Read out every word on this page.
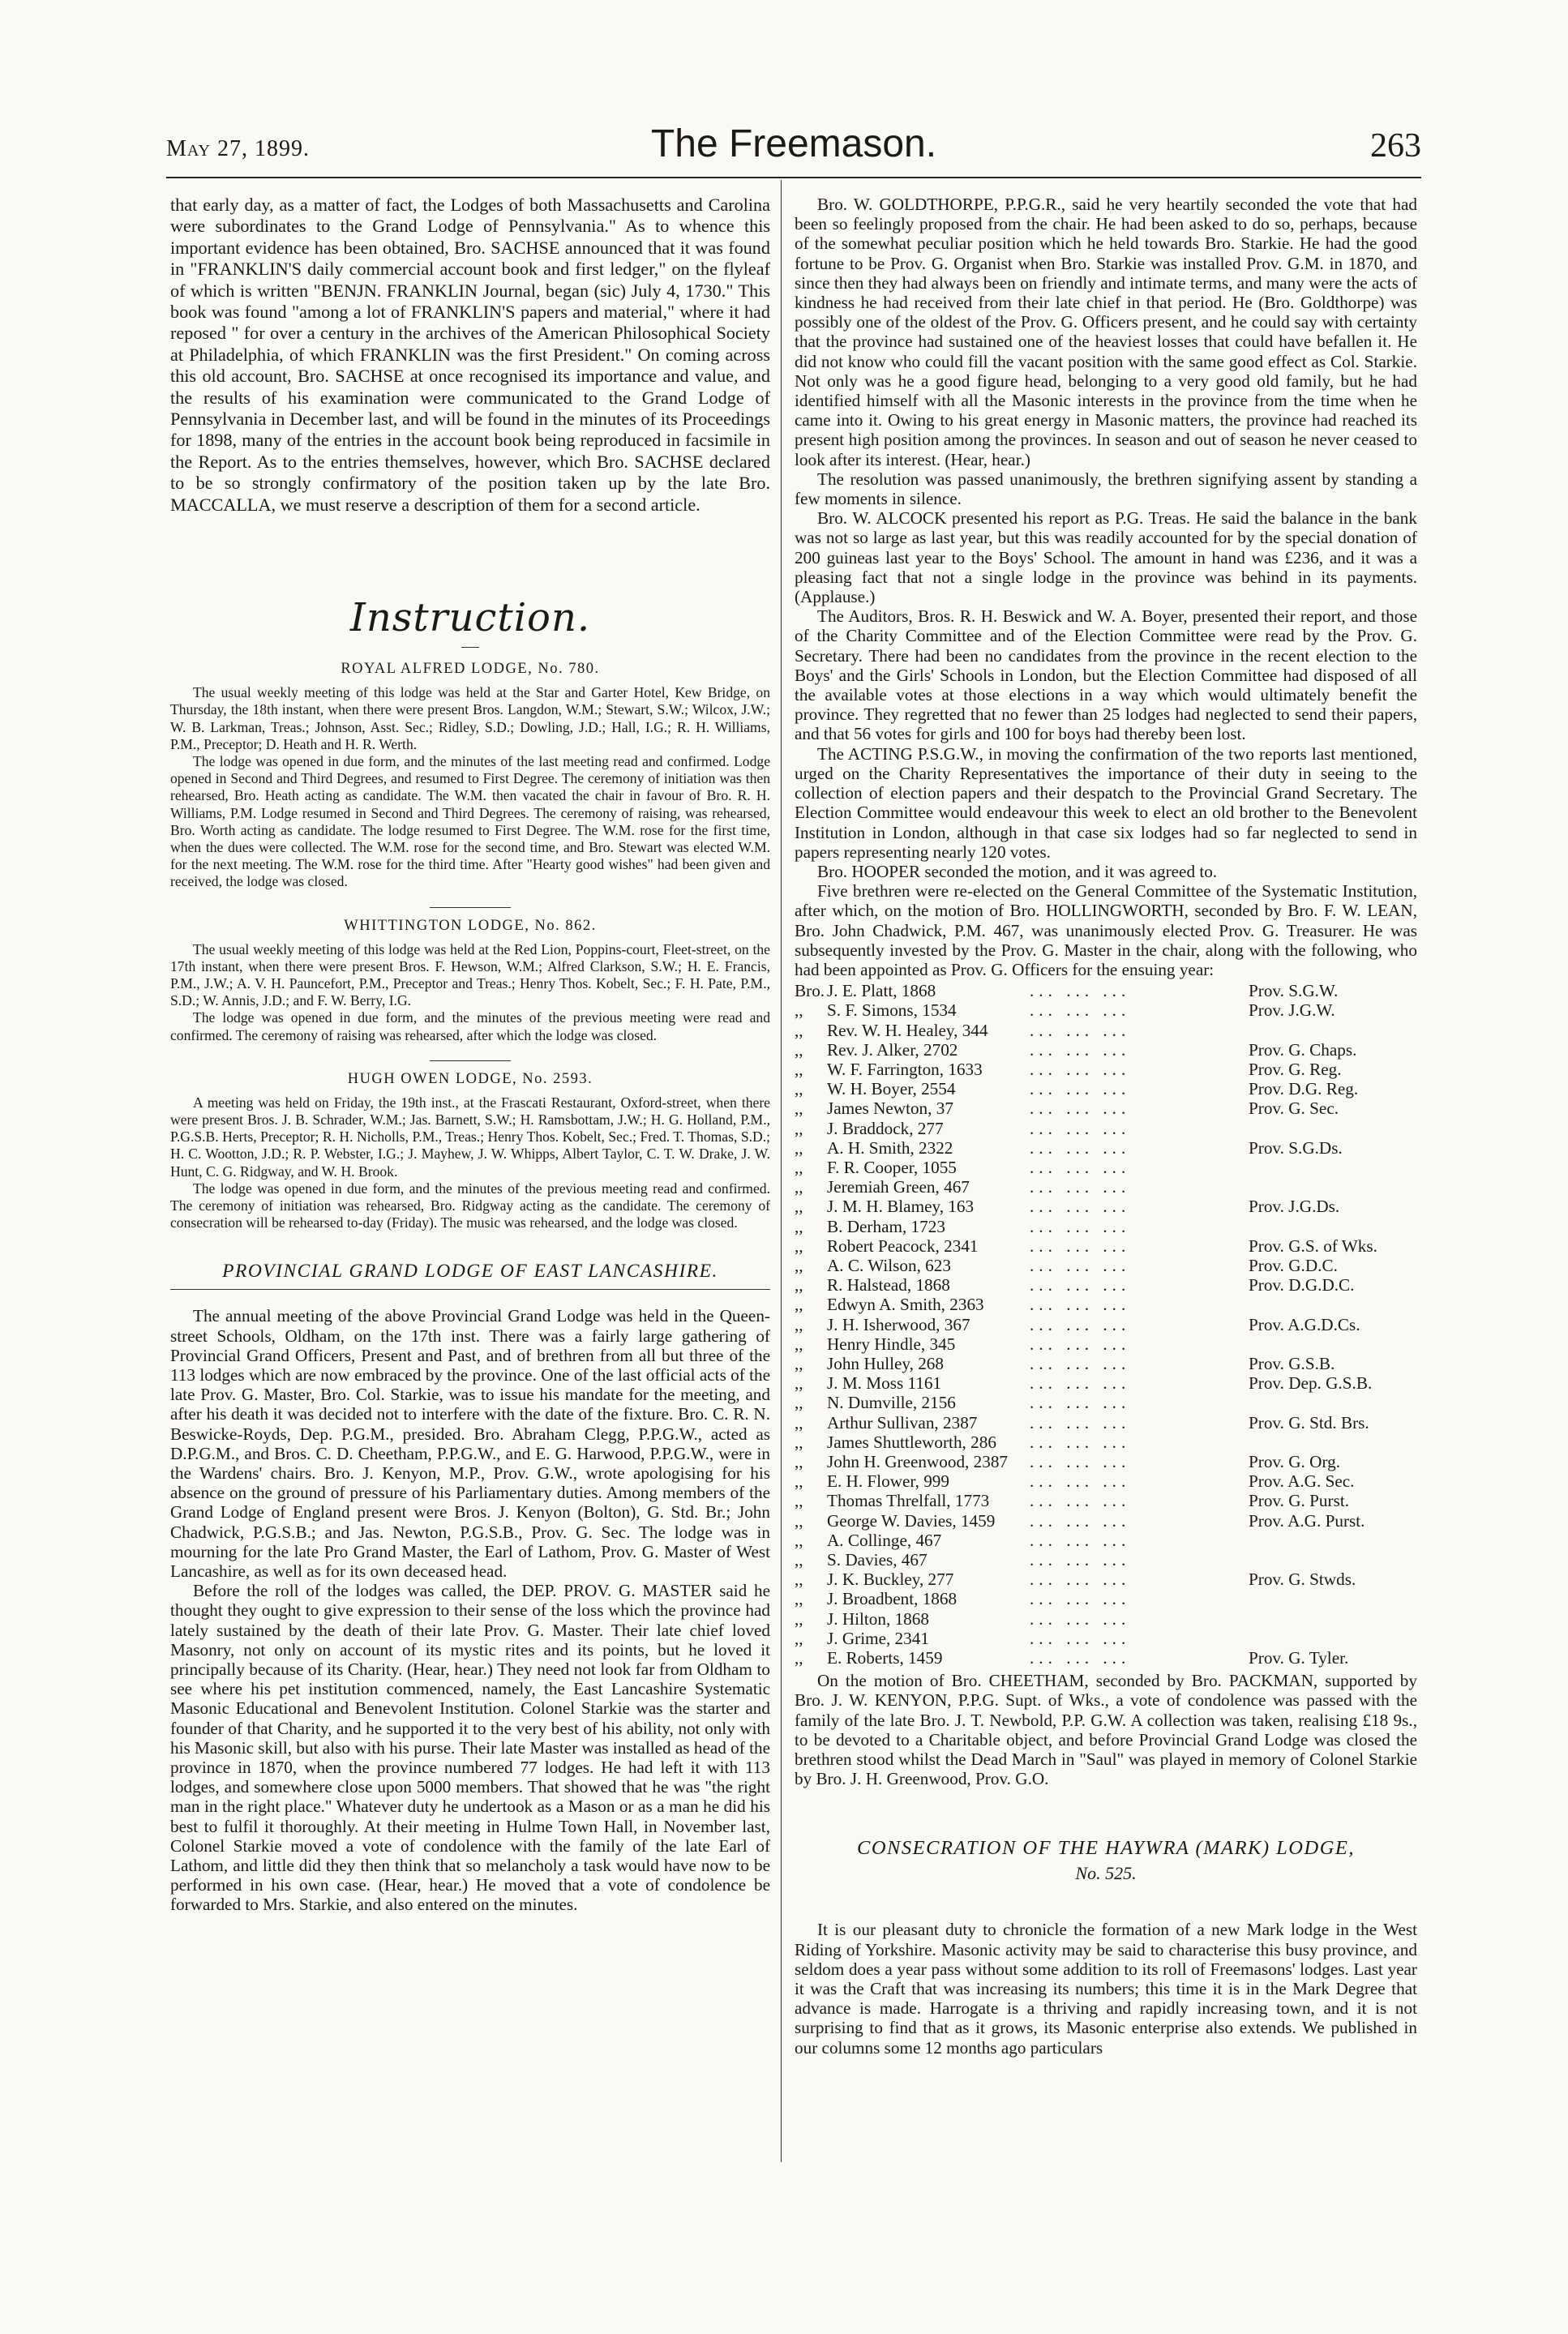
May 27, 1899.	The Freemason.	263

that early day, as a matter of fact, the Lodges of both Massachusetts and Carolina were subordinates to the Grand Lodge of Pennsylvania." As to whence this important evidence has been obtained, Bro. SACHSE announced that it was found in "FRANKLIN'S daily commercial account book and first ledger," on the flyleaf of which is written "BENJN. FRANKLIN Journal, began (sic) July 4, 1730." This book was found "among a lot of FRANKLIN'S papers and material," where it had reposed " for over a century in the archives of the American Philosophical Society at Philadelphia, of which FRANKLIN was the first President." On coming across this old account, Bro. SACHSE at once recognised its importance and value, and the results of his examination were communicated to the Grand Lodge of Pennsylvania in December last, and will be found in the minutes of its Proceedings for 1898, many of the entries in the account book being reproduced in facsimile in the Report. As to the entries themselves, however, which Bro. SACHSE declared to be so strongly confirmatory of the position taken up by the late Bro. MACCALLA, we must reserve a description of them for a second article.

Instruction.
ROYAL ALFRED LODGE, No. 780.

The usual weekly meeting of this lodge was held at the Star and Garter Hotel, Kew Bridge, on Thursday, the 18th instant, when there were present Bros. Langdon, W.M.; Stewart, S.W.; Wilcox, J.W.; W. B. Larkman, Treas.; Johnson, Asst. Sec.; Ridley, S.D.; Dowling, J.D.; Hall, I.G.; R. H. Williams, P.M., Preceptor; D. Heath and H. R. Werth.

The lodge was opened in due form, and the minutes of the last meeting read and confirmed. Lodge opened in Second and Third Degrees, and resumed to First Degree. The ceremony of initiation was then rehearsed, Bro. Heath acting as candidate. The W.M. then vacated the chair in favour of Bro. R. H. Williams, P.M. Lodge resumed in Second and Third Degrees. The ceremony of raising, was rehearsed, Bro. Worth acting as candidate. The lodge resumed to First Degree. The W.M. rose for the first time, when the dues were collected. The W.M. rose for the second time, and Bro. Stewart was elected W.M. for the next meeting. The W.M. rose for the third time. After "Hearty good wishes" had been given and received, the lodge was closed.

WHITTINGTON LODGE, No. 862.

The usual weekly meeting of this lodge was held at the Red Lion, Poppins-court, Fleet-street, on the 17th instant, when there were present Bros. F. Hewson, W.M.; Alfred Clarkson, S.W.; H. E. Francis, P.M., J.W.; A. V. H. Pauncefort, P.M., Preceptor and Treas.; Henry Thos. Kobelt, Sec.; F. H. Pate, P.M., S.D.; W. Annis, J.D.; and F. W. Berry, I.G.

The lodge was opened in due form, and the minutes of the previous meeting were read and confirmed. The ceremony of raising was rehearsed, after which the lodge was closed.

HUGH OWEN LODGE, No. 2593.

A meeting was held on Friday, the 19th inst., at the Frascati Restaurant, Oxford-street, when there were present Bros. J. B. Schrader, W.M.; Jas. Barnett, S.W.; H. Ramsbottam, J.W.; H. G. Holland, P.M., P.G.S.B. Herts, Preceptor; R. H. Nicholls, P.M., Treas.; Henry Thos. Kobelt, Sec.; Fred. T. Thomas, S.D.; H. C. Wootton, J.D.; R. P. Webster, I.G.; J. Mayhew, J. W. Whipps, Albert Taylor, C. T. W. Drake, J. W. Hunt, C. G. Ridgway, and W. H. Brook.

The lodge was opened in due form, and the minutes of the previous meeting read and confirmed. The ceremony of initiation was rehearsed, Bro. Ridgway acting as the candidate. The ceremony of consecration will be rehearsed to-day (Friday). The music was rehearsed, and the lodge was closed.

PROVINCIAL GRAND LODGE OF EAST LANCASHIRE.

The annual meeting of the above Provincial Grand Lodge was held in the Queen-street Schools, Oldham, on the 17th inst. There was a fairly large gathering of Provincial Grand Officers, Present and Past, and of brethren from all but three of the 113 lodges which are now embraced by the province. One of the last official acts of the late Prov. G. Master, Bro. Col. Starkie, was to issue his mandate for the meeting, and after his death it was decided not to interfere with the date of the fixture. Bro. C. R. N. Beswicke-Royds, Dep. P.G.M., presided. Bro. Abraham Clegg, P.P.G.W., acted as D.P.G.M., and Bros. C. D. Cheetham, P.P.G.W., and E. G. Harwood, P.P.G.W., were in the Wardens' chairs. Bro. J. Kenyon, M.P., Prov. G.W., wrote apologising for his absence on the ground of pressure of his Parliamentary duties. Among members of the Grand Lodge of England present were Bros. J. Kenyon (Bolton), G. Std. Br.; John Chadwick, P.G.S.B.; and Jas. Newton, P.G.S.B., Prov. G. Sec. The lodge was in mourning for the late Pro Grand Master, the Earl of Lathom, Prov. G. Master of West Lancashire, as well as for its own deceased head.

Before the roll of the lodges was called, the DEP. PROV. G. MASTER said he thought they ought to give expression to their sense of the loss which the province had lately sustained by the death of their late Prov. G. Master. Their late chief loved Masonry, not only on account of its mystic rites and its points, but he loved it principally because of its Charity. (Hear, hear.) They need not look far from Oldham to see where his pet institution commenced, namely, the East Lancashire Systematic Masonic Educational and Benevolent Institution. Colonel Starkie was the starter and founder of that Charity, and he supported it to the very best of his ability, not only with his Masonic skill, but also with his purse. Their late Master was installed as head of the province in 1870, when the province numbered 77 lodges. He had left it with 113 lodges, and somewhere close upon 5000 members. That showed that he was "the right man in the right place." Whatever duty he undertook as a Mason or as a man he did his best to fulfil it thoroughly. At their meeting in Hulme Town Hall, in November last, Colonel Starkie moved a vote of condolence with the family of the late Earl of Lathom, and little did they then think that so melancholy a task would have now to be performed in his own case. (Hear, hear.) He moved that a vote of condolence be forwarded to Mrs. Starkie, and also entered on the minutes.

Bro. W. GOLDTHORPE, P.P.G.R., said he very heartily seconded the vote that had been so feelingly proposed from the chair. He had been asked to do so, perhaps, because of the somewhat peculiar position which he held towards Bro. Starkie. He had the good fortune to be Prov. G. Organist when Bro. Starkie was installed Prov. G.M. in 1870, and since then they had always been on friendly and intimate terms, and many were the acts of kindness he had received from their late chief in that period. He (Bro. Goldthorpe) was possibly one of the oldest of the Prov. G. Officers present, and he could say with certainty that the province had sustained one of the heaviest losses that could have befallen it. He did not know who could fill the vacant position with the same good effect as Col. Starkie. Not only was he a good figure head, belonging to a very good old family, but he had identified himself with all the Masonic interests in the province from the time when he came into it. Owing to his great energy in Masonic matters, the province had reached its present high position among the provinces. In season and out of season he never ceased to look after its interest. (Hear, hear.)

The resolution was passed unanimously, the brethren signifying assent by standing a few moments in silence.

Bro. W. ALCOCK presented his report as P.G. Treas. He said the balance in the bank was not so large as last year, but this was readily accounted for by the special donation of 200 guineas last year to the Boys' School. The amount in hand was £236, and it was a pleasing fact that not a single lodge in the province was behind in its payments. (Applause.)

The Auditors, Bros. R. H. Beswick and W. A. Boyer, presented their report, and those of the Charity Committee and of the Election Committee were read by the Prov. G. Secretary. There had been no candidates from the province in the recent election to the Boys' and the Girls' Schools in London, but the Election Committee had disposed of all the available votes at those elections in a way which would ultimately benefit the province. They regretted that no fewer than 25 lodges had neglected to send their papers, and that 56 votes for girls and 100 for boys had thereby been lost.

The ACTING P.S.G.W., in moving the confirmation of the two reports last mentioned, urged on the Charity Representatives the importance of their duty in seeing to the collection of election papers and their despatch to the Provincial Grand Secretary. The Election Committee would endeavour this week to elect an old brother to the Benevolent Institution in London, although in that case six lodges had so far neglected to send in papers representing nearly 120 votes.

Bro. HOOPER seconded the motion, and it was agreed to.

Five brethren were re-elected on the General Committee of the Systematic Institution, after which, on the motion of Bro. HOLLINGWORTH, seconded by Bro. F. W. LEAN, Bro. John Chadwick, P.M. 467, was unanimously elected Prov. G. Treasurer. He was subsequently invested by the Prov. G. Master in the chair, along with the following, who had been appointed as Prov. G. Officers for the ensuing year:

Bro.	J. E. Platt, 1868	... ... ...	Prov. S.G.W.
,,	S. F. Simons, 1534	... ... ...	Prov. J.G.W.
,,	Rev. W. H. Healey, 344	... ... ...	
,,	Rev. J. Alker, 2702	... ... ...	Prov. G. Chaps.
,,	W. F. Farrington, 1633	... ... ...	Prov. G. Reg.
,,	W. H. Boyer, 2554	... ... ...	Prov. D.G. Reg.
,,	James Newton, 37	... ... ...	Prov. G. Sec.
,,	J. Braddock, 277	... ... ...	
,,	A. H. Smith, 2322	... ... ...	Prov. S.G.Ds.
,,	F. R. Cooper, 1055	... ... ...	
,,	Jeremiah Green, 467	... ... ...	
,,	J. M. H. Blamey, 163	... ... ...	Prov. J.G.Ds.
,,	B. Derham, 1723	... ... ...	
,,	Robert Peacock, 2341	... ... ...	Prov. G.S. of Wks.
,,	A. C. Wilson, 623	... ... ...	Prov. G.D.C.
,,	R. Halstead, 1868	... ... ...	Prov. D.G.D.C.
,,	Edwyn A. Smith, 2363	... ... ...	
,,	J. H. Isherwood, 367	... ... ...	Prov. A.G.D.Cs.
,,	Henry Hindle, 345	... ... ...	
,,	John Hulley, 268	... ... ...	Prov. G.S.B.
,,	J. M. Moss 1161	... ... ...	Prov. Dep. G.S.B.
,,	N. Dumville, 2156	... ... ...	
,,	Arthur Sullivan, 2387	... ... ...	Prov. G. Std. Brs.
,,	James Shuttleworth, 286	... ... ...	
,,	John H. Greenwood, 2387	... ... ...	Prov. G. Org.
,,	E. H. Flower, 999	... ... ...	Prov. A.G. Sec.
,,	Thomas Threlfall, 1773	... ... ...	Prov. G. Purst.
,,	George W. Davies, 1459	... ... ...	Prov. A.G. Purst.
,,	A. Collinge, 467	... ... ...	
,,	S. Davies, 467	... ... ...	
,,	J. K. Buckley, 277	... ... ...	Prov. G. Stwds.
,,	J. Broadbent, 1868	... ... ...	
,,	J. Hilton, 1868	... ... ...	
,,	J. Grime, 2341	... ... ...	
,,	E. Roberts, 1459	... ... ...	Prov. G. Tyler.

On the motion of Bro. CHEETHAM, seconded by Bro. PACKMAN, supported by Bro. J. W. KENYON, P.P.G. Supt. of Wks., a vote of condolence was passed with the family of the late Bro. J. T. Newbold, P.P. G.W. A collection was taken, realising £18 9s., to be devoted to a Charitable object, and before Provincial Grand Lodge was closed the brethren stood whilst the Dead March in "Saul" was played in memory of Colonel Starkie by Bro. J. H. Greenwood, Prov. G.O.

CONSECRATION OF THE HAYWRA (MARK) LODGE,
No. 525.

It is our pleasant duty to chronicle the formation of a new Mark lodge in the West Riding of Yorkshire. Masonic activity may be said to characterise this busy province, and seldom does a year pass without some addition to its roll of Freemasons' lodges. Last year it was the Craft that was increasing its numbers; this time it is in the Mark Degree that advance is made. Harrogate is a thriving and rapidly increasing town, and it is not surprising to find that as it grows, its Masonic enterprise also extends. We published in our columns some 12 months ago particulars
